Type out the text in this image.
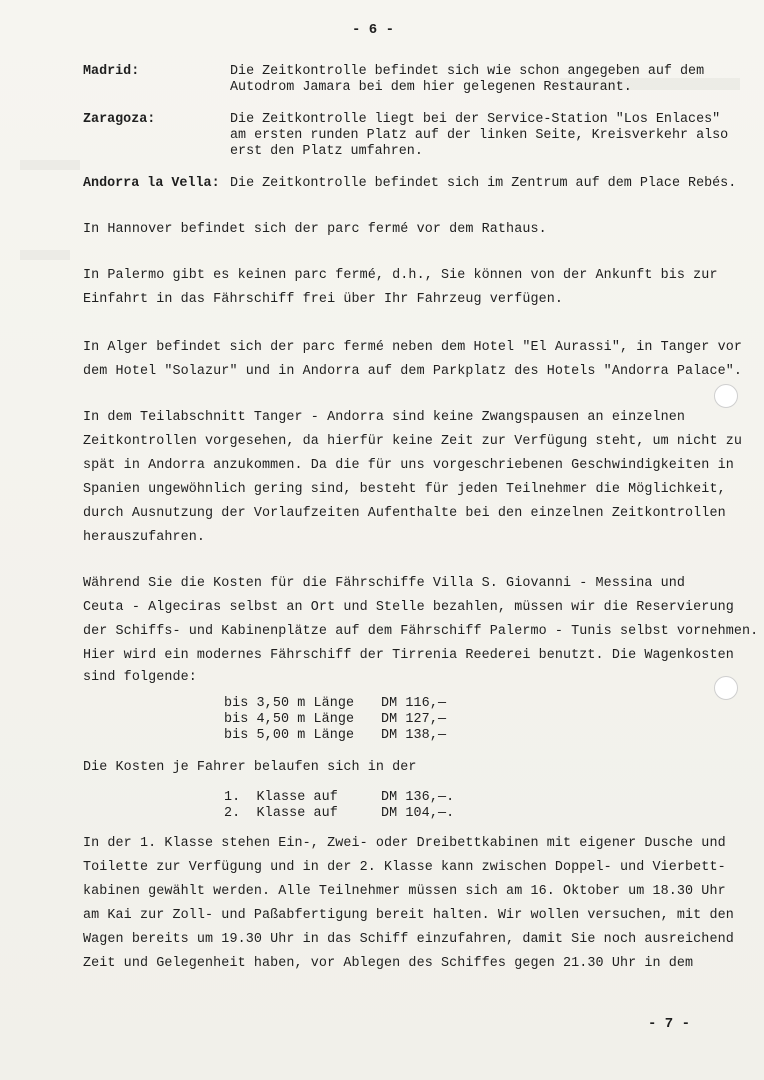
- 6 -
Madrid:	Die Zeitkontrolle befindet sich wie schon angegeben auf dem
Autodrom Jamara bei dem hier gelegenen Restaurant.
Zaragoza:	Die Zeitkontrolle liegt bei der Service-Station "Los Enlaces"
am ersten runden Platz auf der linken Seite, Kreisverkehr also
erst den Platz umfahren.
Andorra la Vella: Die Zeitkontrolle befindet sich im Zentrum auf dem Place Rebés.
In Hannover befindet sich der parc fermé vor dem Rathaus.
In Palermo gibt es keinen parc fermé, d.h., Sie können von der Ankunft bis zur
Einfahrt in das Fährschiff frei über Ihr Fahrzeug verfügen.
In Alger befindet sich der parc fermé neben dem Hotel "El Aurassi", in Tanger vor
dem Hotel "Solazur" und in Andorra auf dem Parkplatz des Hotels "Andorra Palace".
In dem Teilabschnitt Tanger - Andorra sind keine Zwangspausen an einzelnen
Zeitkontrollen vorgesehen, da hierfür keine Zeit zur Verfügung steht, um nicht zu
spät in Andorra anzukommen. Da die für uns vorgeschriebenen Geschwindigkeiten in
Spanien ungewöhnlich gering sind, besteht für jeden Teilnehmer die Möglichkeit,
durch Ausnutzung der Vorlaufzeiten Aufenthalte bei den einzelnen Zeitkontrollen
herauszufahren.
Während Sie die Kosten für die Fährschiffe Villa S. Giovanni - Messina und
Ceuta - Algeciras selbst an Ort und Stelle bezahlen, müssen wir die Reservierung
der Schiffs- und Kabinenplätze auf dem Fährschiff Palermo - Tunis selbst vornehmen.
Hier wird ein modernes Fährschiff der Tirrenia Reederei benutzt. Die Wagenkosten
sind folgende:
bis 3,50 m Länge DM 116,—
bis 4,50 m Länge DM 127,—
bis 5,00 m Länge DM 138,—
Die Kosten je Fahrer belaufen sich in der
1.  Klasse auf	DM 136,—.
2.  Klasse auf	DM 104,—.
In der 1. Klasse stehen Ein-, Zwei- oder Dreibettkabinen mit eigener Dusche und
Toilette zur Verfügung und in der 2. Klasse kann zwischen Doppel- und Vierbett-
kabinen gewählt werden. Alle Teilnehmer müssen sich am 16. Oktober um 18.30 Uhr
am Kai zur Zoll- und Paßabfertigung bereit halten. Wir wollen versuchen, mit den
Wagen bereits um 19.30 Uhr in das Schiff einzufahren, damit Sie noch ausreichend
Zeit und Gelegenheit haben, vor Ablegen des Schiffes gegen 21.30 Uhr in dem
- 7 -
